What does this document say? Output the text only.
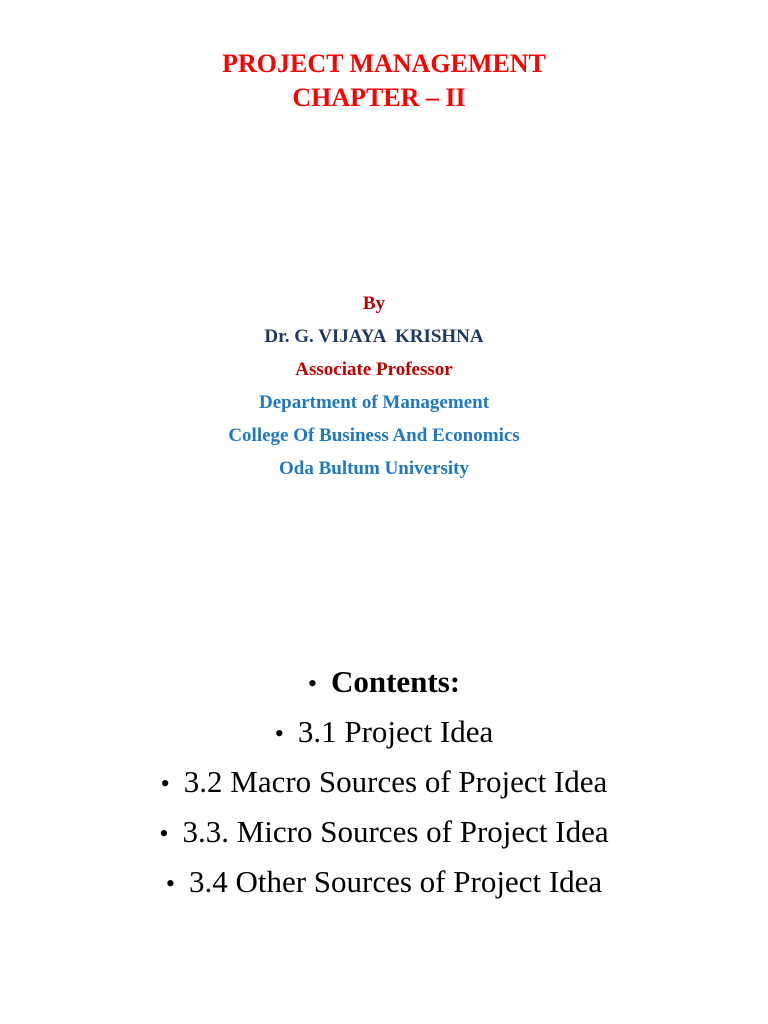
PROJECT MANAGEMENT
CHAPTER – II
By
Dr. G. VIJAYA  KRISHNA
Associate Professor
Department of Management
College Of Business And Economics
Oda Bultum University
• Contents:
• 3.1 Project Idea
• 3.2 Macro Sources of Project Idea
• 3.3. Micro Sources of Project Idea
• 3.4 Other Sources of Project Idea
